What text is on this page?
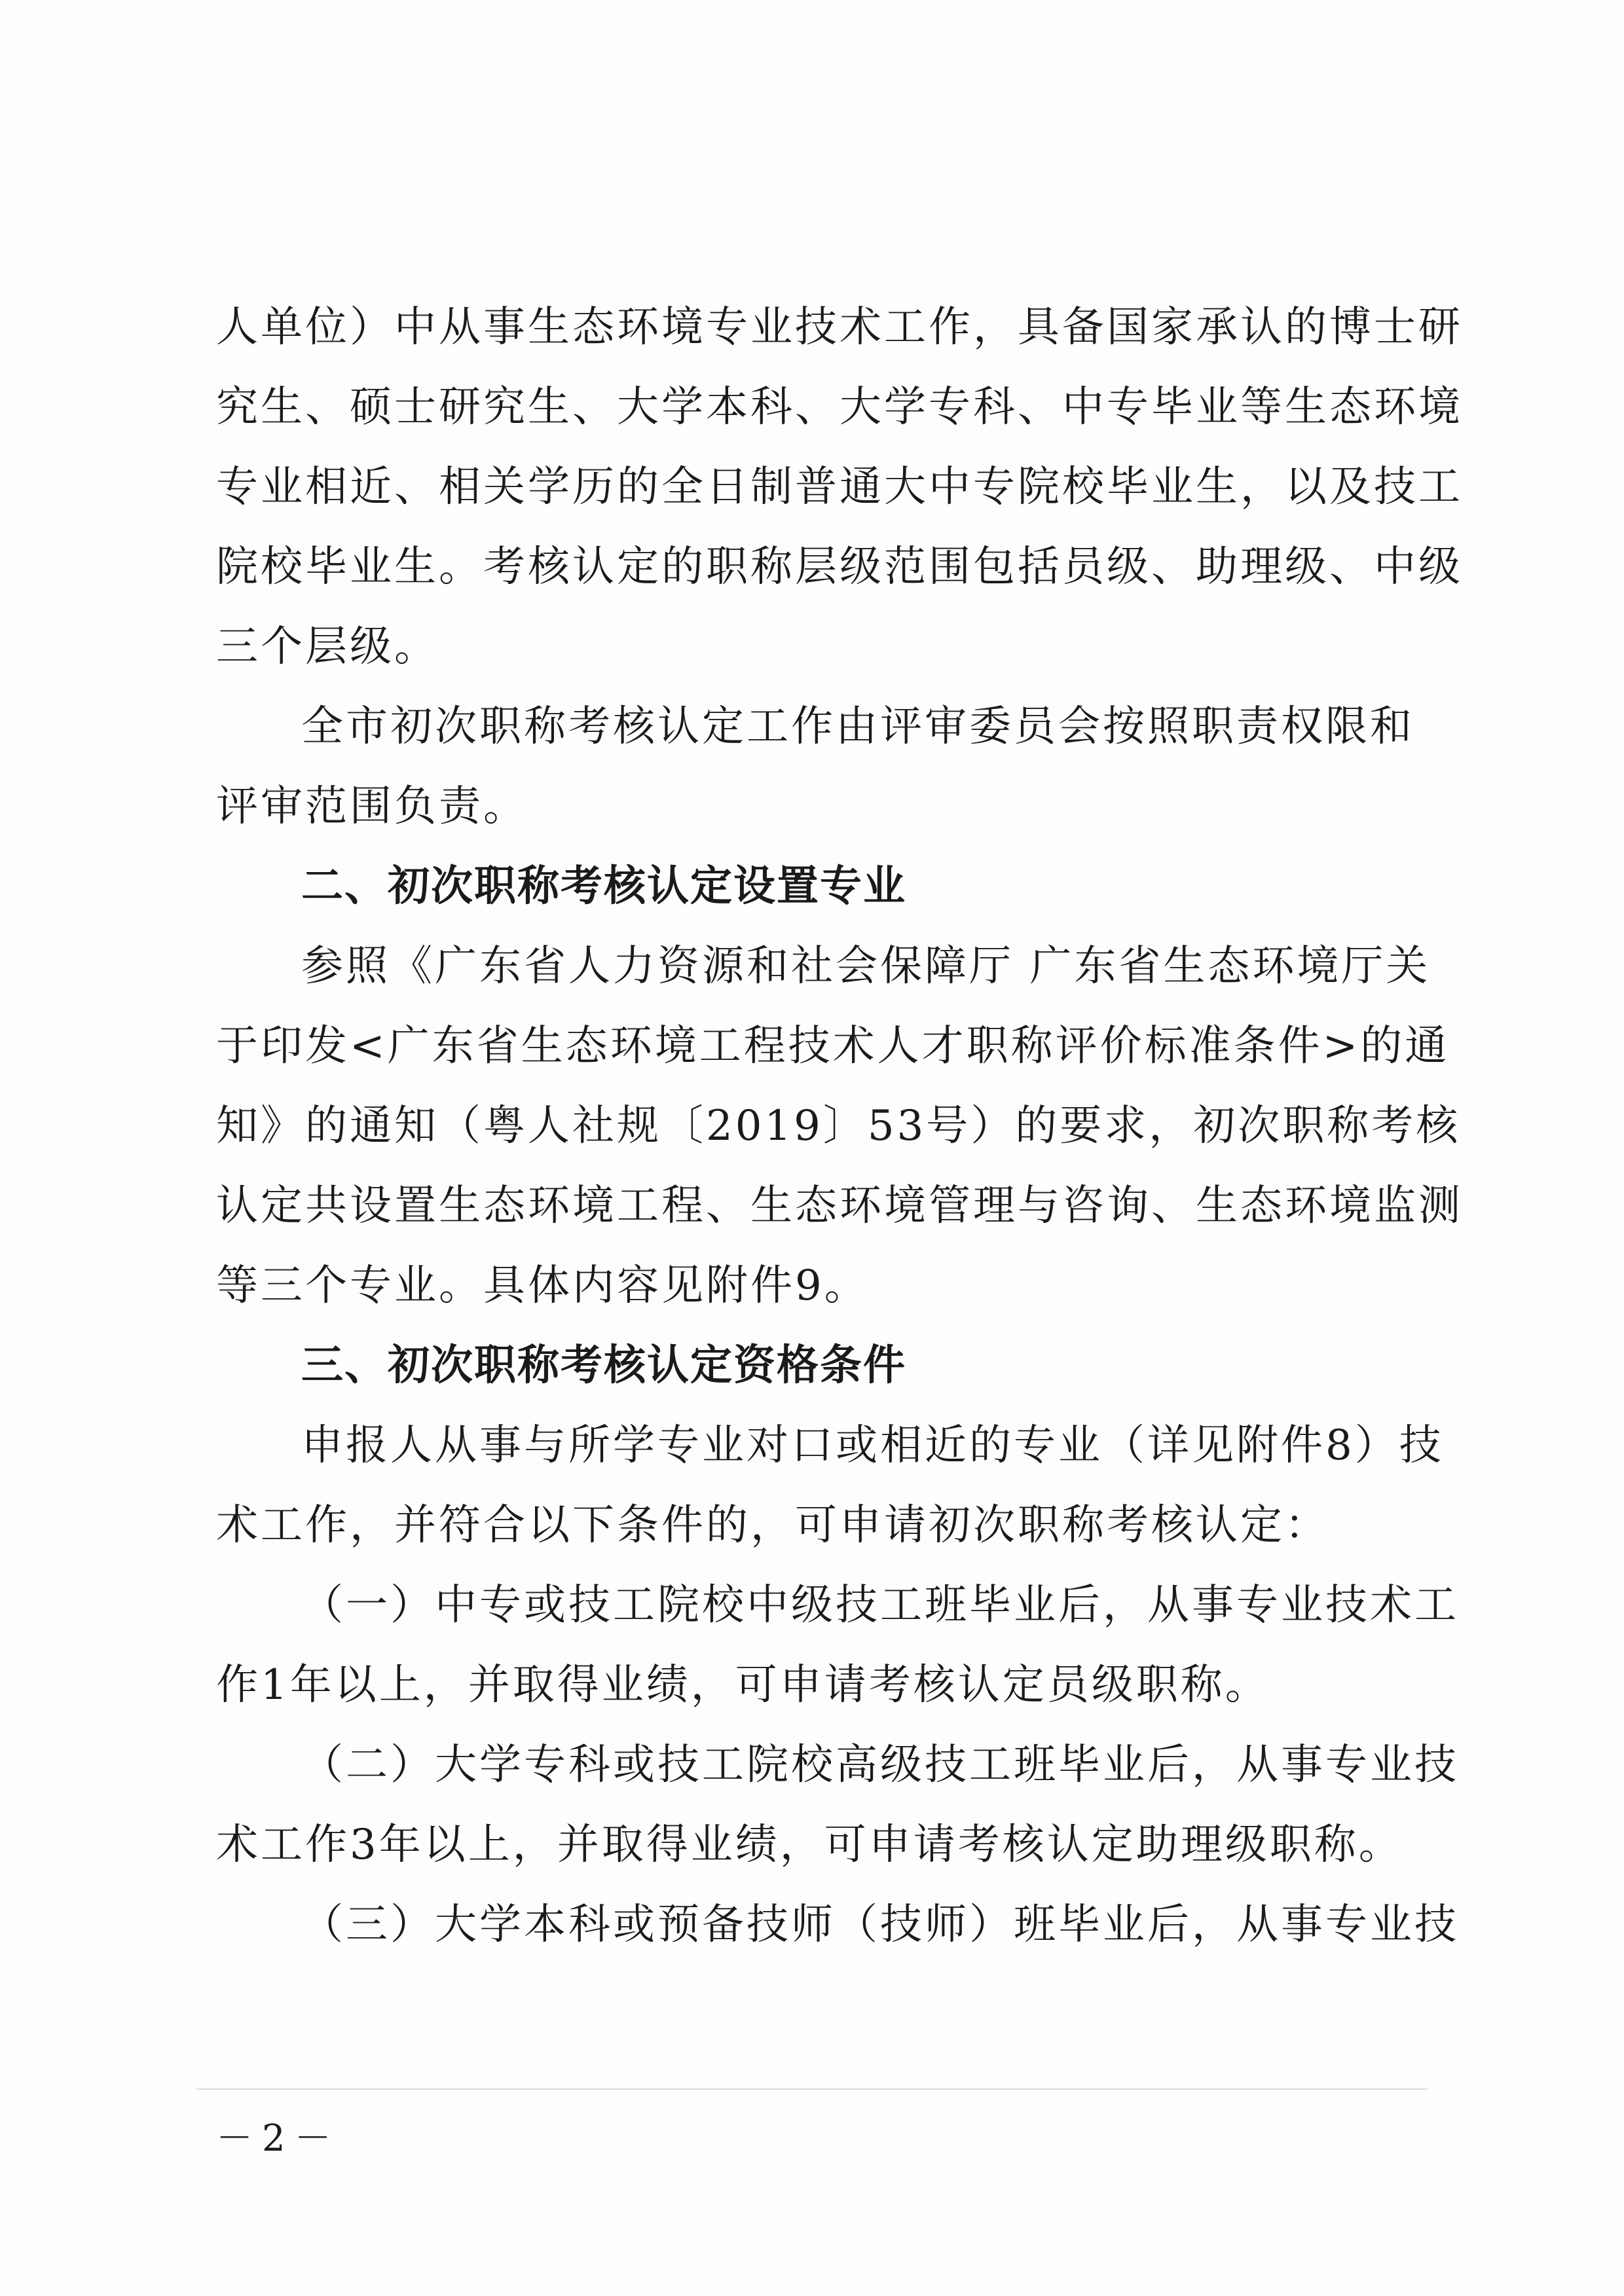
人单位）中从事生态环境专业技术工作，具备国家承认的博士研
究生、硕士研究生、大学本科、大学专科、中专毕业等生态环境
专业相近、相关学历的全日制普通大中专院校毕业生，以及技工
院校毕业生。考核认定的职称层级范围包括员级、助理级、中级
三个层级。
全市初次职称考核认定工作由评审委员会按照职责权限和
评审范围负责。
二、初次职称考核认定设置专业
参照《广东省人力资源和社会保障厅 广东省生态环境厅关
于印发<广东省生态环境工程技术人才职称评价标准条件>的通
知》的通知（粤人社规〔2019〕53号）的要求，初次职称考核
认定共设置生态环境工程、生态环境管理与咨询、生态环境监测
等三个专业。具体内容见附件9。
三、初次职称考核认定资格条件
申报人从事与所学专业对口或相近的专业（详见附件8）技
术工作，并符合以下条件的，可申请初次职称考核认定：
（一）中专或技工院校中级技工班毕业后，从事专业技术工
作1年以上，并取得业绩，可申请考核认定员级职称。
（二）大学专科或技工院校高级技工班毕业后，从事专业技
术工作3年以上，并取得业绩，可申请考核认定助理级职称。
（三）大学本科或预备技师（技师）班毕业后，从事专业技
－2－
